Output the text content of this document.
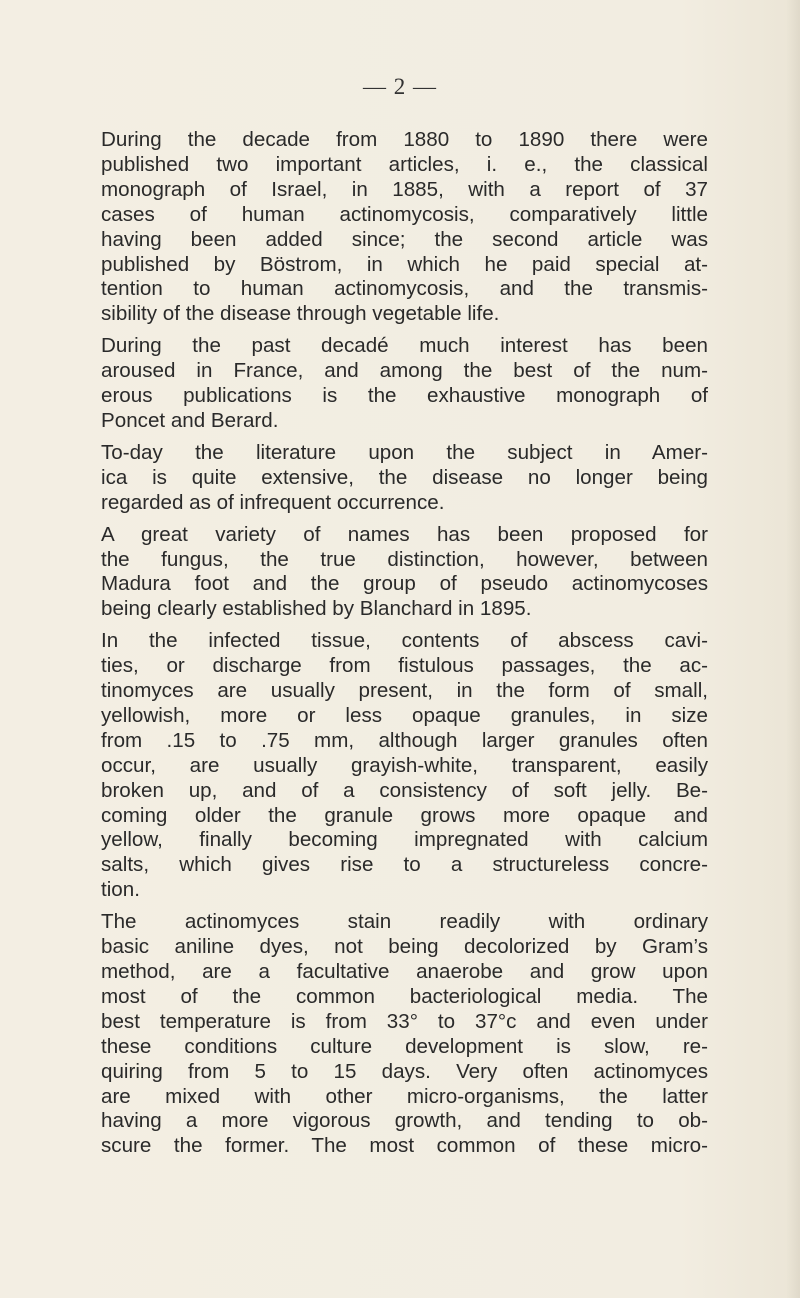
— 2 —

During the decade from 1880 to 1890 there were
published two important articles, i. e., the classical
monograph of Israel, in 1885, with a report of 37
cases of human actinomycosis, comparatively little
having been added since; the second article was
published by Böstrom, in which he paid special at-
tention to human actinomycosis, and the transmis-
sibility of the disease through vegetable life.

During the past decadé much interest has been
aroused in France, and among the best of the num-
erous publications is the exhaustive monograph of
Poncet and Berard.

To-day the literature upon the subject in Amer-
ica is quite extensive, the disease no longer being
regarded as of infrequent occurrence.

A great variety of names has been proposed for
the fungus, the true distinction, however, between
Madura foot and the group of pseudo actinomycoses
being clearly established by Blanchard in 1895.

In the infected tissue, contents of abscess cavi-
ties, or discharge from fistulous passages, the ac-
tinomyces are usually present, in the form of small,
yellowish, more or less opaque granules, in size
from .15 to .75 mm, although larger granules often
occur, are usually grayish-white, transparent, easily
broken up, and of a consistency of soft jelly. Be-
coming older the granule grows more opaque and
yellow, finally becoming impregnated with calcium
salts, which gives rise to a structureless concre-
tion.

The actinomyces stain readily with ordinary
basic aniline dyes, not being decolorized by Gram’s
method, are a facultative anaerobe and grow upon
most of the common bacteriological media. The
best temperature is from 33° to 37°c and even under
these conditions culture development is slow, re-
quiring from 5 to 15 days. Very often actinomyces
are mixed with other micro-organisms, the latter
having a more vigorous growth, and tending to ob-
scure the former. The most common of these micro-
